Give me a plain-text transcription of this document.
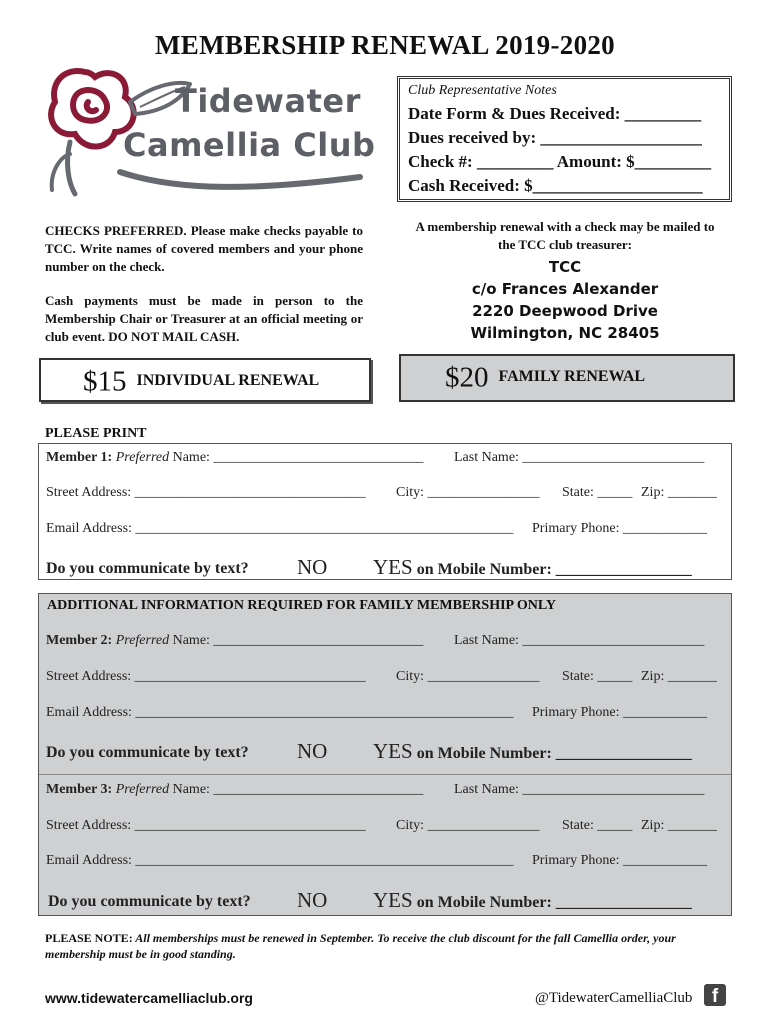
MEMBERSHIP RENEWAL 2019-2020
Tidewater
Camellia Club
Club Representative Notes
Date Form & Dues Received: _________
Dues received by: ___________________
Check #: _________ Amount: $_________
Cash Received: $____________________
CHECKS PREFERRED. Please make checks payable to TCC. Write names of covered members and your phone number on the check.
Cash payments must be made in person to the Membership Chair or Treasurer at an official meeting or club event. DO NOT MAIL CASH.
A membership renewal with a check may be mailed to the TCC club treasurer:
TCC
c/o Frances Alexander
2220 Deepwood Drive
Wilmington, NC 28405
$15 INDIVIDUAL RENEWAL	$20 FAMILY RENEWAL
PLEASE PRINT
Member 1: Preferred Name: ______________________________ Last Name: __________________________
Street Address: _________________________________ City: ________________ State: _____ Zip: _______
Email Address: ______________________________________________________ Primary Phone: ____________
Do you communicate by text? NO YES on Mobile Number: _________________
ADDITIONAL INFORMATION REQUIRED FOR FAMILY MEMBERSHIP ONLY
Member 2: Preferred Name: ______________________________ Last Name: __________________________
Street Address: _________________________________ City: ________________ State: _____ Zip: _______
Email Address: ______________________________________________________ Primary Phone: ____________
Do you communicate by text? NO YES on Mobile Number: _________________
Member 3: Preferred Name: ______________________________ Last Name: __________________________
Street Address: _________________________________ City: ________________ State: _____ Zip: _______
Email Address: ______________________________________________________ Primary Phone: ____________
Do you communicate by text? NO YES on Mobile Number: _________________
PLEASE NOTE: All memberships must be renewed in September. To receive the club discount for the fall Camellia order, your membership must be in good standing.
www.tidewatercamelliaclub.org	@TidewaterCamelliaClub	f
